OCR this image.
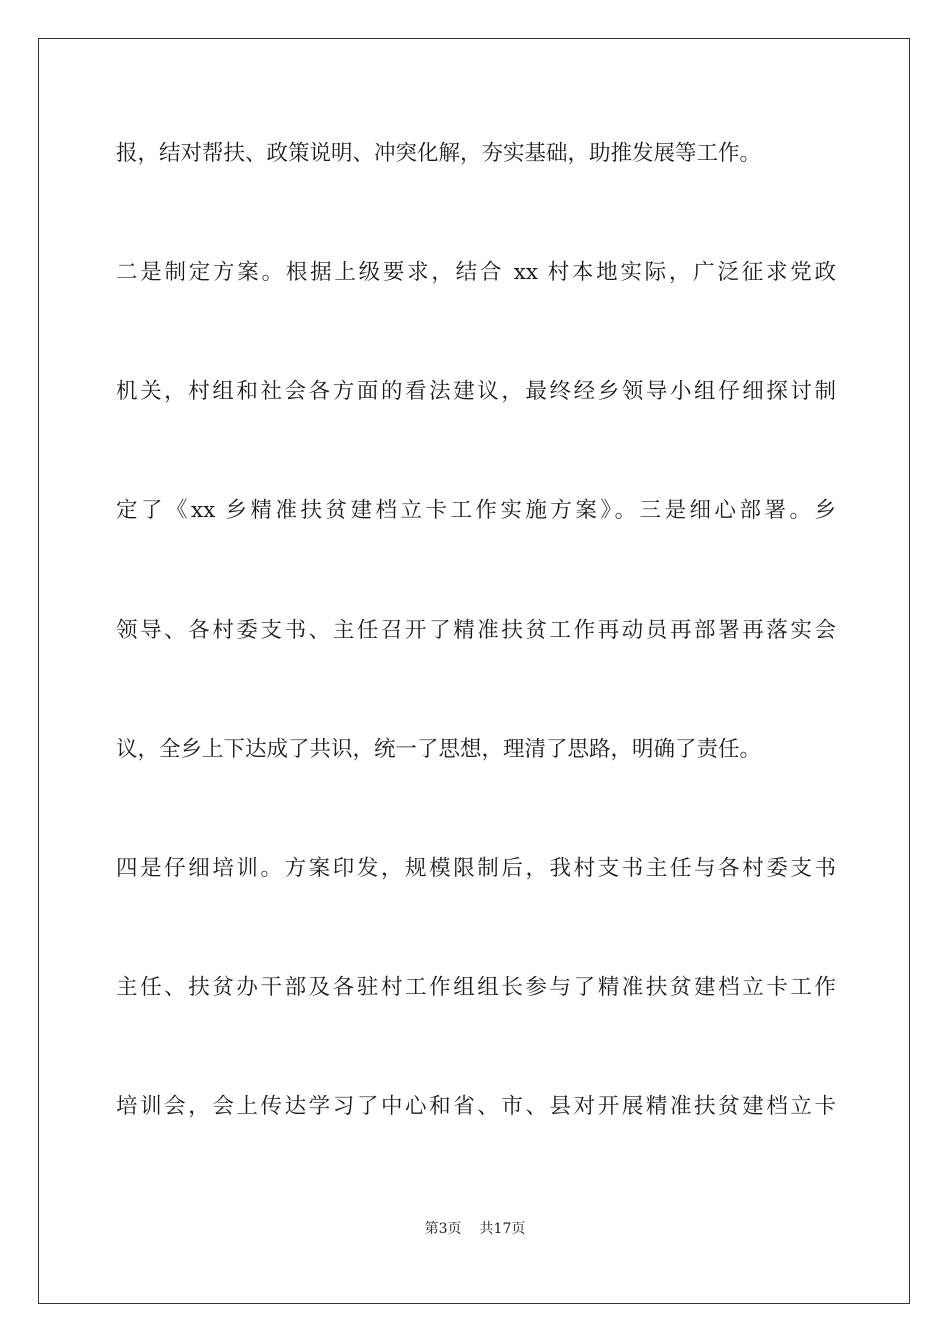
报，结对帮扶、政策说明、冲突化解，夯实基础，助推发展等工作。
二是制定方案。根据上级要求，结合 xx 村本地实际，广泛征求党政
机关，村组和社会各方面的看法建议，最终经乡领导小组仔细探讨制
定了《xx 乡精准扶贫建档立卡工作实施方案》。三是细心部署。乡
领导、各村委支书、主任召开了精准扶贫工作再动员再部署再落实会
议，全乡上下达成了共识，统一了思想，理清了思路，明确了责任。
四是仔细培训。方案印发，规模限制后，我村支书主任与各村委支书
主任、扶贫办干部及各驻村工作组组长参与了精准扶贫建档立卡工作
培训会，会上传达学习了中心和省、市、县对开展精准扶贫建档立卡
第3页 共17页
